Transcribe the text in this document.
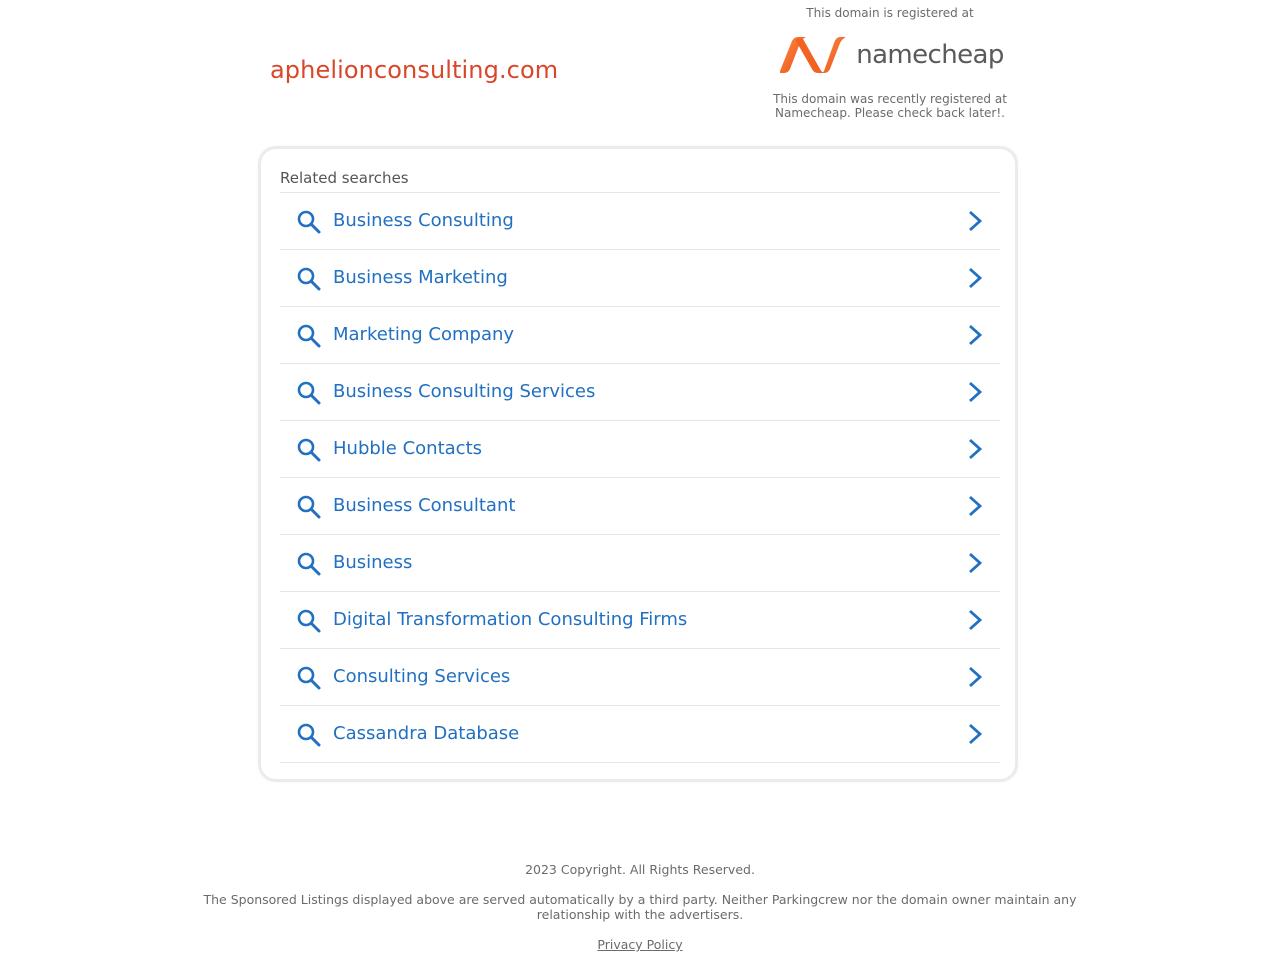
aphelionconsulting.com
This domain is registered at
namecheap
This domain was recently registered at
Namecheap. Please check back later!.
Related searches
Business Consulting
Business Marketing
Marketing Company
Business Consulting Services
Hubble Contacts
Business Consultant
Business
Digital Transformation Consulting Firms
Consulting Services
Cassandra Database
2023 Copyright. All Rights Reserved.
The Sponsored Listings displayed above are served automatically by a third party. Neither Parkingcrew nor the domain owner maintain any relationship with the advertisers.
Privacy Policy
